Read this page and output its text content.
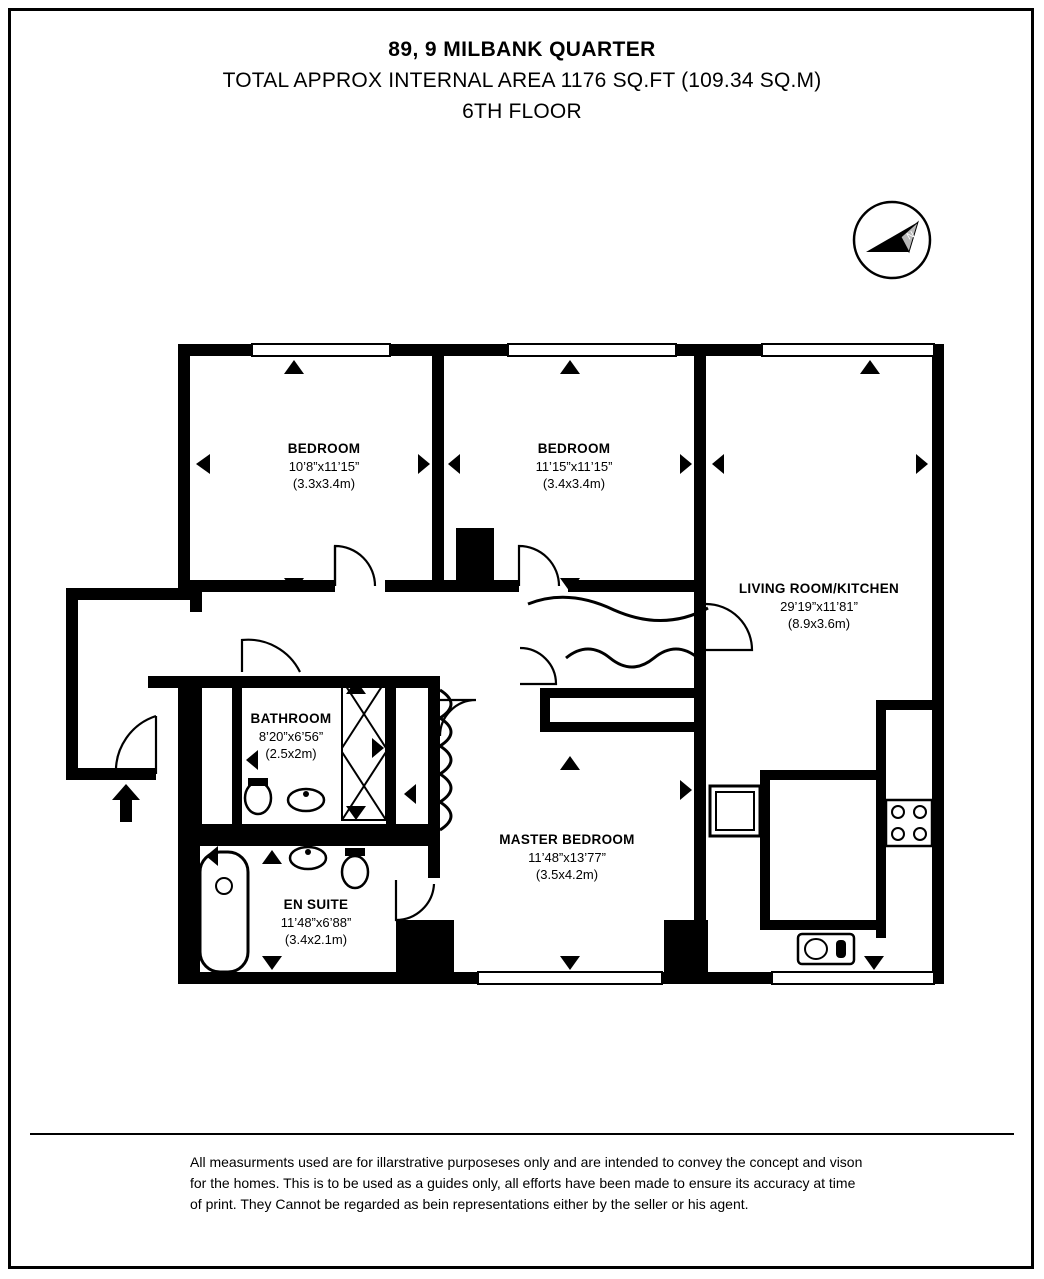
89, 9 MILBANK QUARTER
TOTAL APPROX INTERNAL AREA 1176 SQ.FT (109.34 SQ.M)
6TH FLOOR
N
BEDROOM
10’8”x11’15”
(3.3x3.4m)
BEDROOM
11’15”x11’15”
(3.4x3.4m)
LIVING ROOM/KITCHEN
29’19”x11’81”
(8.9x3.6m)
BATHROOM
8’20”x6’56”
(2.5x2m)
MASTER BEDROOM
11’48”x13’77”
(3.5x4.2m)
EN SUITE
11’48”x6’88”
(3.4x2.1m)
All measurments used are for illarstrative purposeses only and are intended to convey the concept and vison for the homes. This is to be used as a guides only, all efforts have been made to ensure its accuracy at time of print. They Cannot be regarded as bein representations either by the seller or his agent.
